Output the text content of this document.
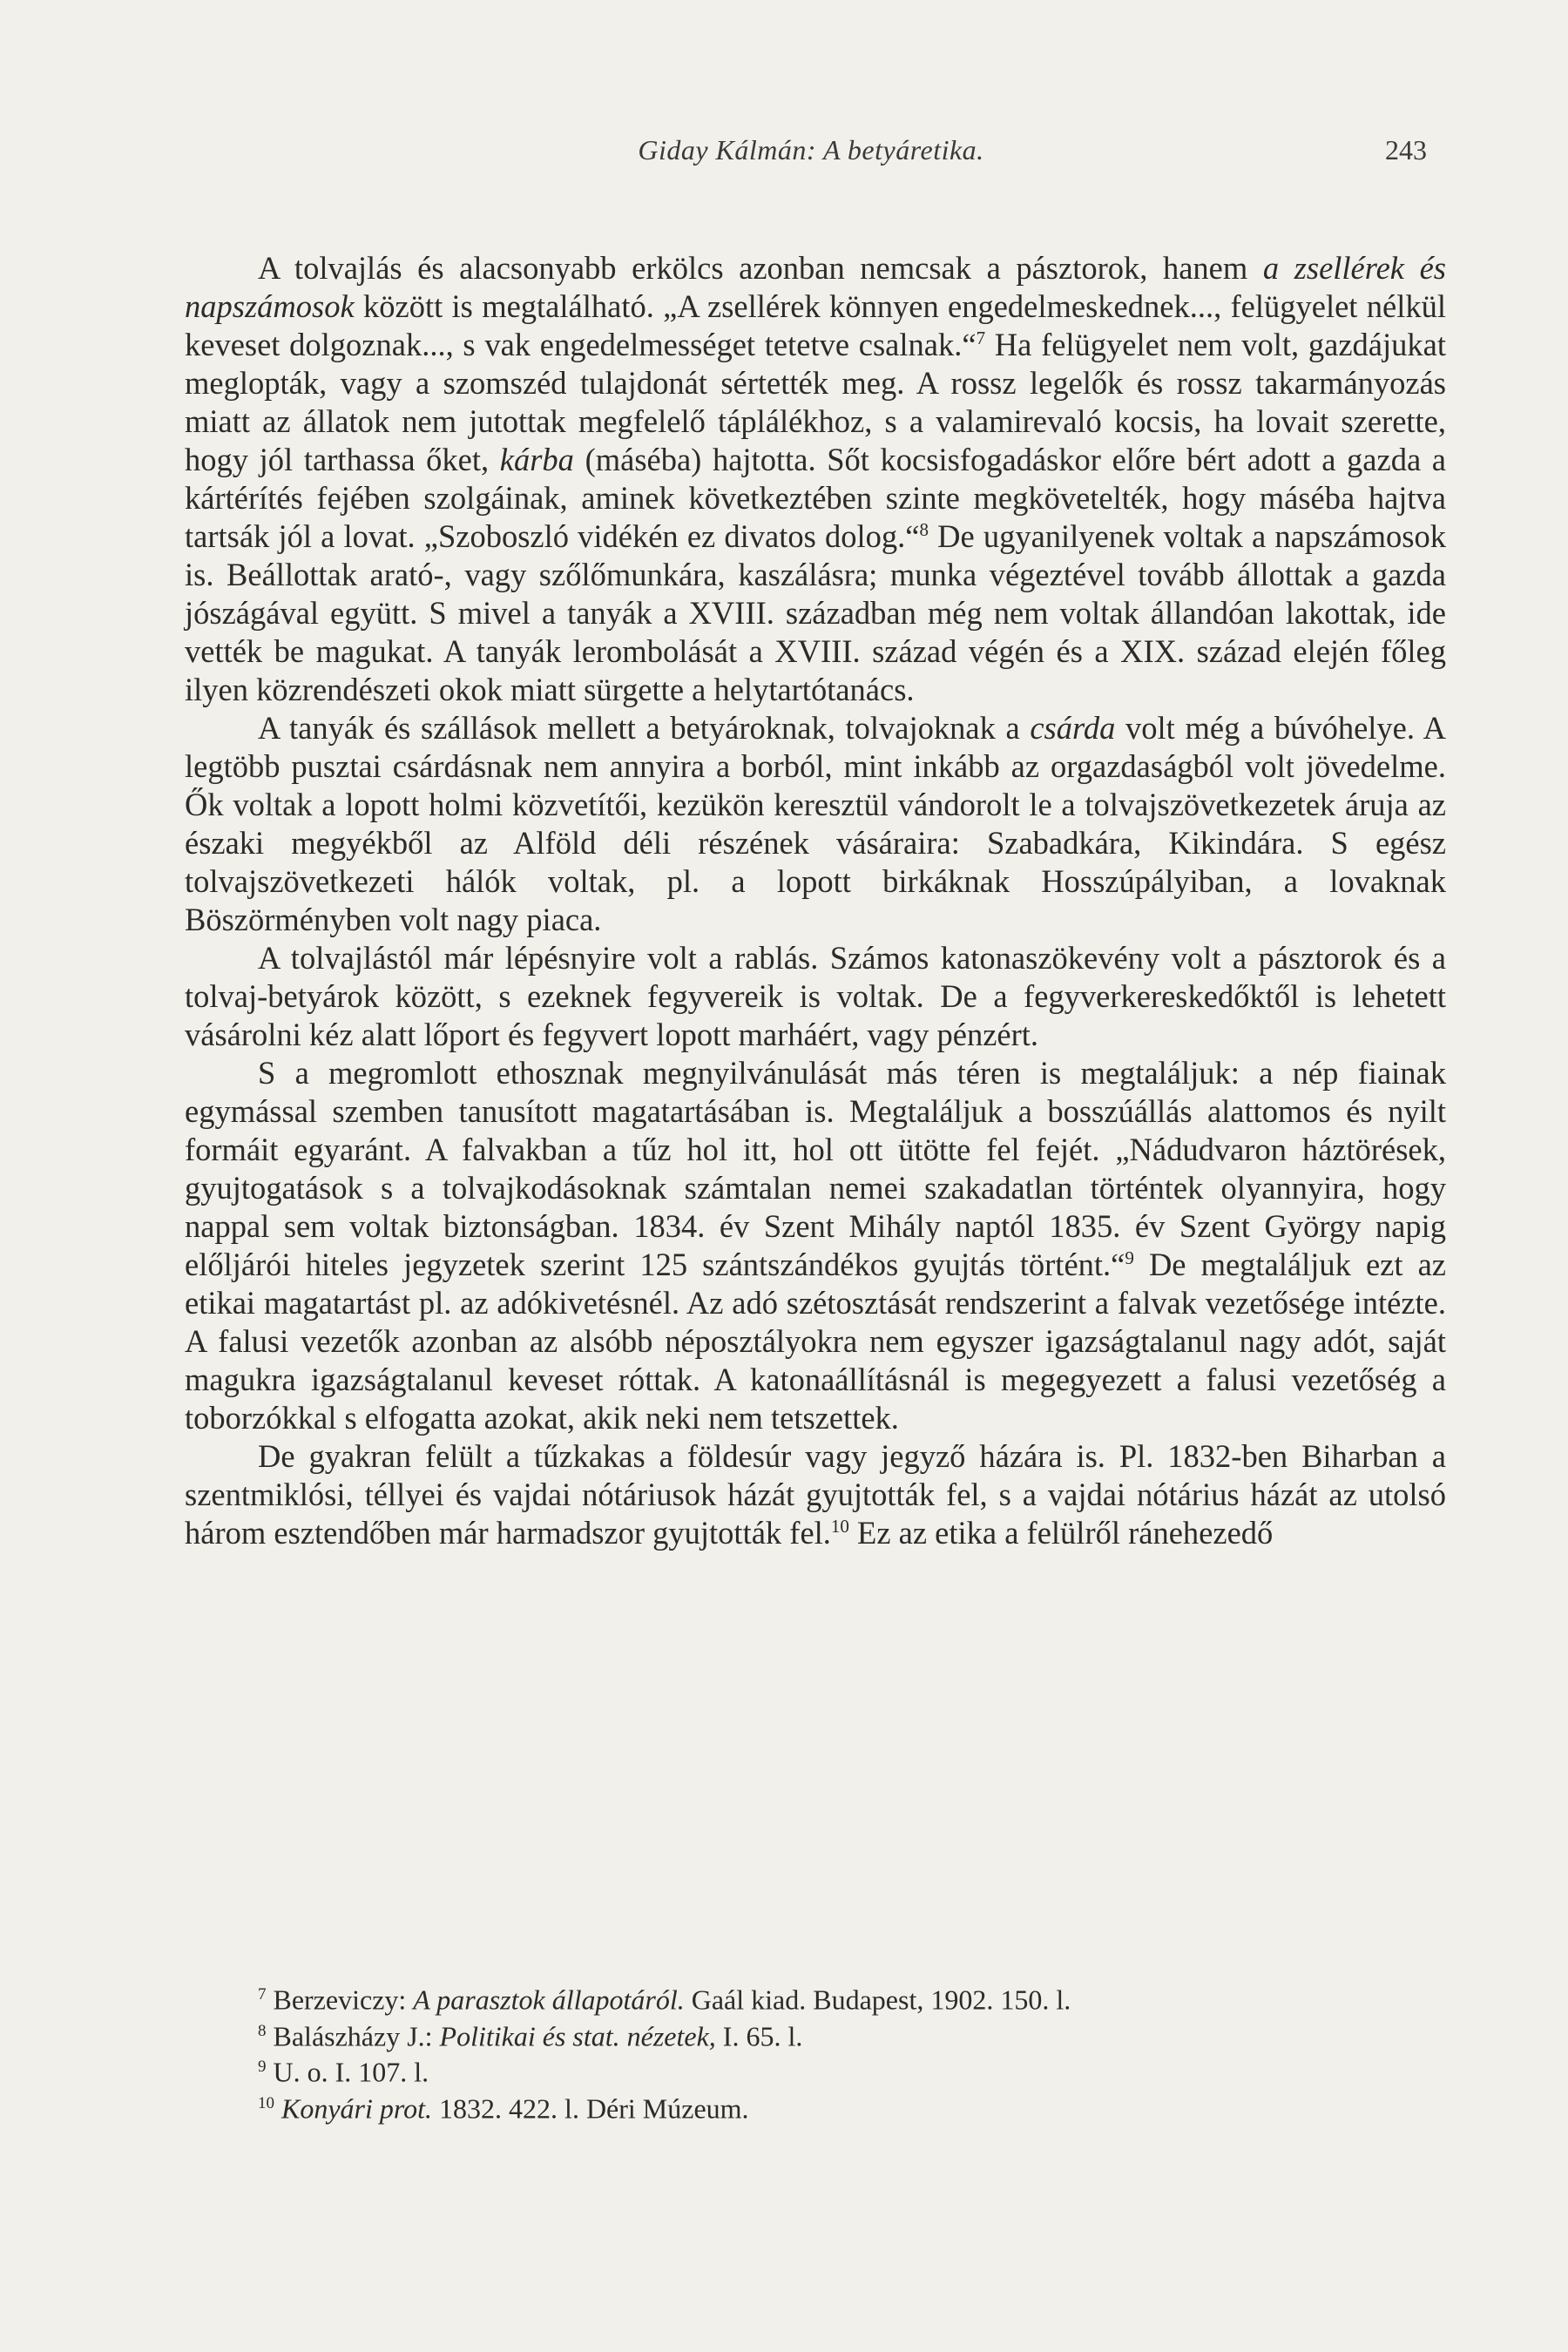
Giday Kálmán: A betyáretika.	243

A tolvajlás és alacsonyabb erkölcs azonban nemcsak a pásztorok, hanem a zsellérek és napszámosok között is megtalálható. „A zsellérek könnyen engedelmeskednek..., felügyelet nélkül keveset dolgoznak..., s vak engedelmességet tetetve csalnak.“$^7$ Ha felügyelet nem volt, gazdájukat meglopták, vagy a szomszéd tulajdonát sértették meg. A rossz legelők és rossz takarmányozás miatt az állatok nem jutottak megfelelő táplálékhoz, s a valamirevaló kocsis, ha lovait szerette, hogy jól tarthassa őket, kárba (máséba) hajtotta. Sőt kocsisfogadáskor előre bért adott a gazda a kártérítés fejében szolgáinak, aminek következtében szinte megkövetelték, hogy máséba hajtva tartsák jól a lovat. „Szoboszló vidékén ez divatos dolog.“$^8$ De ugyanilyenek voltak a napszámosok is. Beállottak arató-, vagy szőlőmunkára, kaszálásra; munka végeztével tovább állottak a gazda jószágával együtt. S mivel a tanyák a XVIII. században még nem voltak állandóan lakottak, ide vették be magukat. A tanyák lerombolását a XVIII. század végén és a XIX. század elején főleg ilyen közrendészeti okok miatt sürgette a helytartótanács.

A tanyák és szállások mellett a betyároknak, tolvajoknak a csárda volt még a búvóhelye. A legtöbb pusztai csárdásnak nem annyira a borból, mint inkább az orgazdaságból volt jövedelme. Ők voltak a lopott holmi közvetítői, kezükön keresztül vándorolt le a tolvajszövetkezetek áruja az északi megyékből az Alföld déli részének vásáraira: Szabadkára, Kikindára. S egész tolvajszövetkezeti hálók voltak, pl. a lopott birkáknak Hosszúpályiban, a lovaknak Böszörményben volt nagy piaca.

A tolvajlástól már lépésnyire volt a rablás. Számos katonaszökevény volt a pásztorok és a tolvaj-betyárok között, s ezeknek fegyvereik is voltak. De a fegyverkereskedőktől is lehetett vásárolni kéz alatt lőport és fegyvert lopott marháért, vagy pénzért.

S a megromlott ethosznak megnyilvánulását más téren is megtaláljuk: a nép fiainak egymással szemben tanusított magatartásában is. Megtaláljuk a bosszúállás alattomos és nyilt formáit egyaránt. A falvakban a tűz hol itt, hol ott ütötte fel fejét. „Nádudvaron háztörések, gyujtogatások s a tolvajkodásoknak számtalan nemei szakadatlan történtek olyannyira, hogy nappal sem voltak biztonságban. 1834. év Szent Mihály naptól 1835. év Szent György napig előljárói hiteles jegyzetek szerint 125 szántszándékos gyujtás történt.“$^9$ De megtaláljuk ezt az etikai magatartást pl. az adókivetésnél. Az adó szétosztását rendszerint a falvak vezetősége intézte. A falusi vezetők azonban az alsóbb néposztályokra nem egyszer igazságtalanul nagy adót, saját magukra igazságtalanul keveset róttak. A katonaállításnál is megegyezett a falusi vezetőség a toborzókkal s elfogatta azokat, akik neki nem tetszettek.

De gyakran felült a tűzkakas a földesúr vagy jegyző házára is. Pl. 1832-ben Biharban a szentmiklósi, téllyei és vajdai nótáriusok házát gyujtották fel, s a vajdai nótárius házát az utolsó három esztendőben már harmadszor gyujtották fel.$^{10}$ Ez az etika a felülről ránehezedő

$^7$ Berzeviczy: A parasztok állapotáról. Gaál kiad. Budapest, 1902. 150. l.
$^8$ Balászházy J.: Politikai és stat. nézetek, I. 65. l.
$^9$ U. o. I. 107. l.
$^{10}$ Konyári prot. 1832. 422. l. Déri Múzeum.
